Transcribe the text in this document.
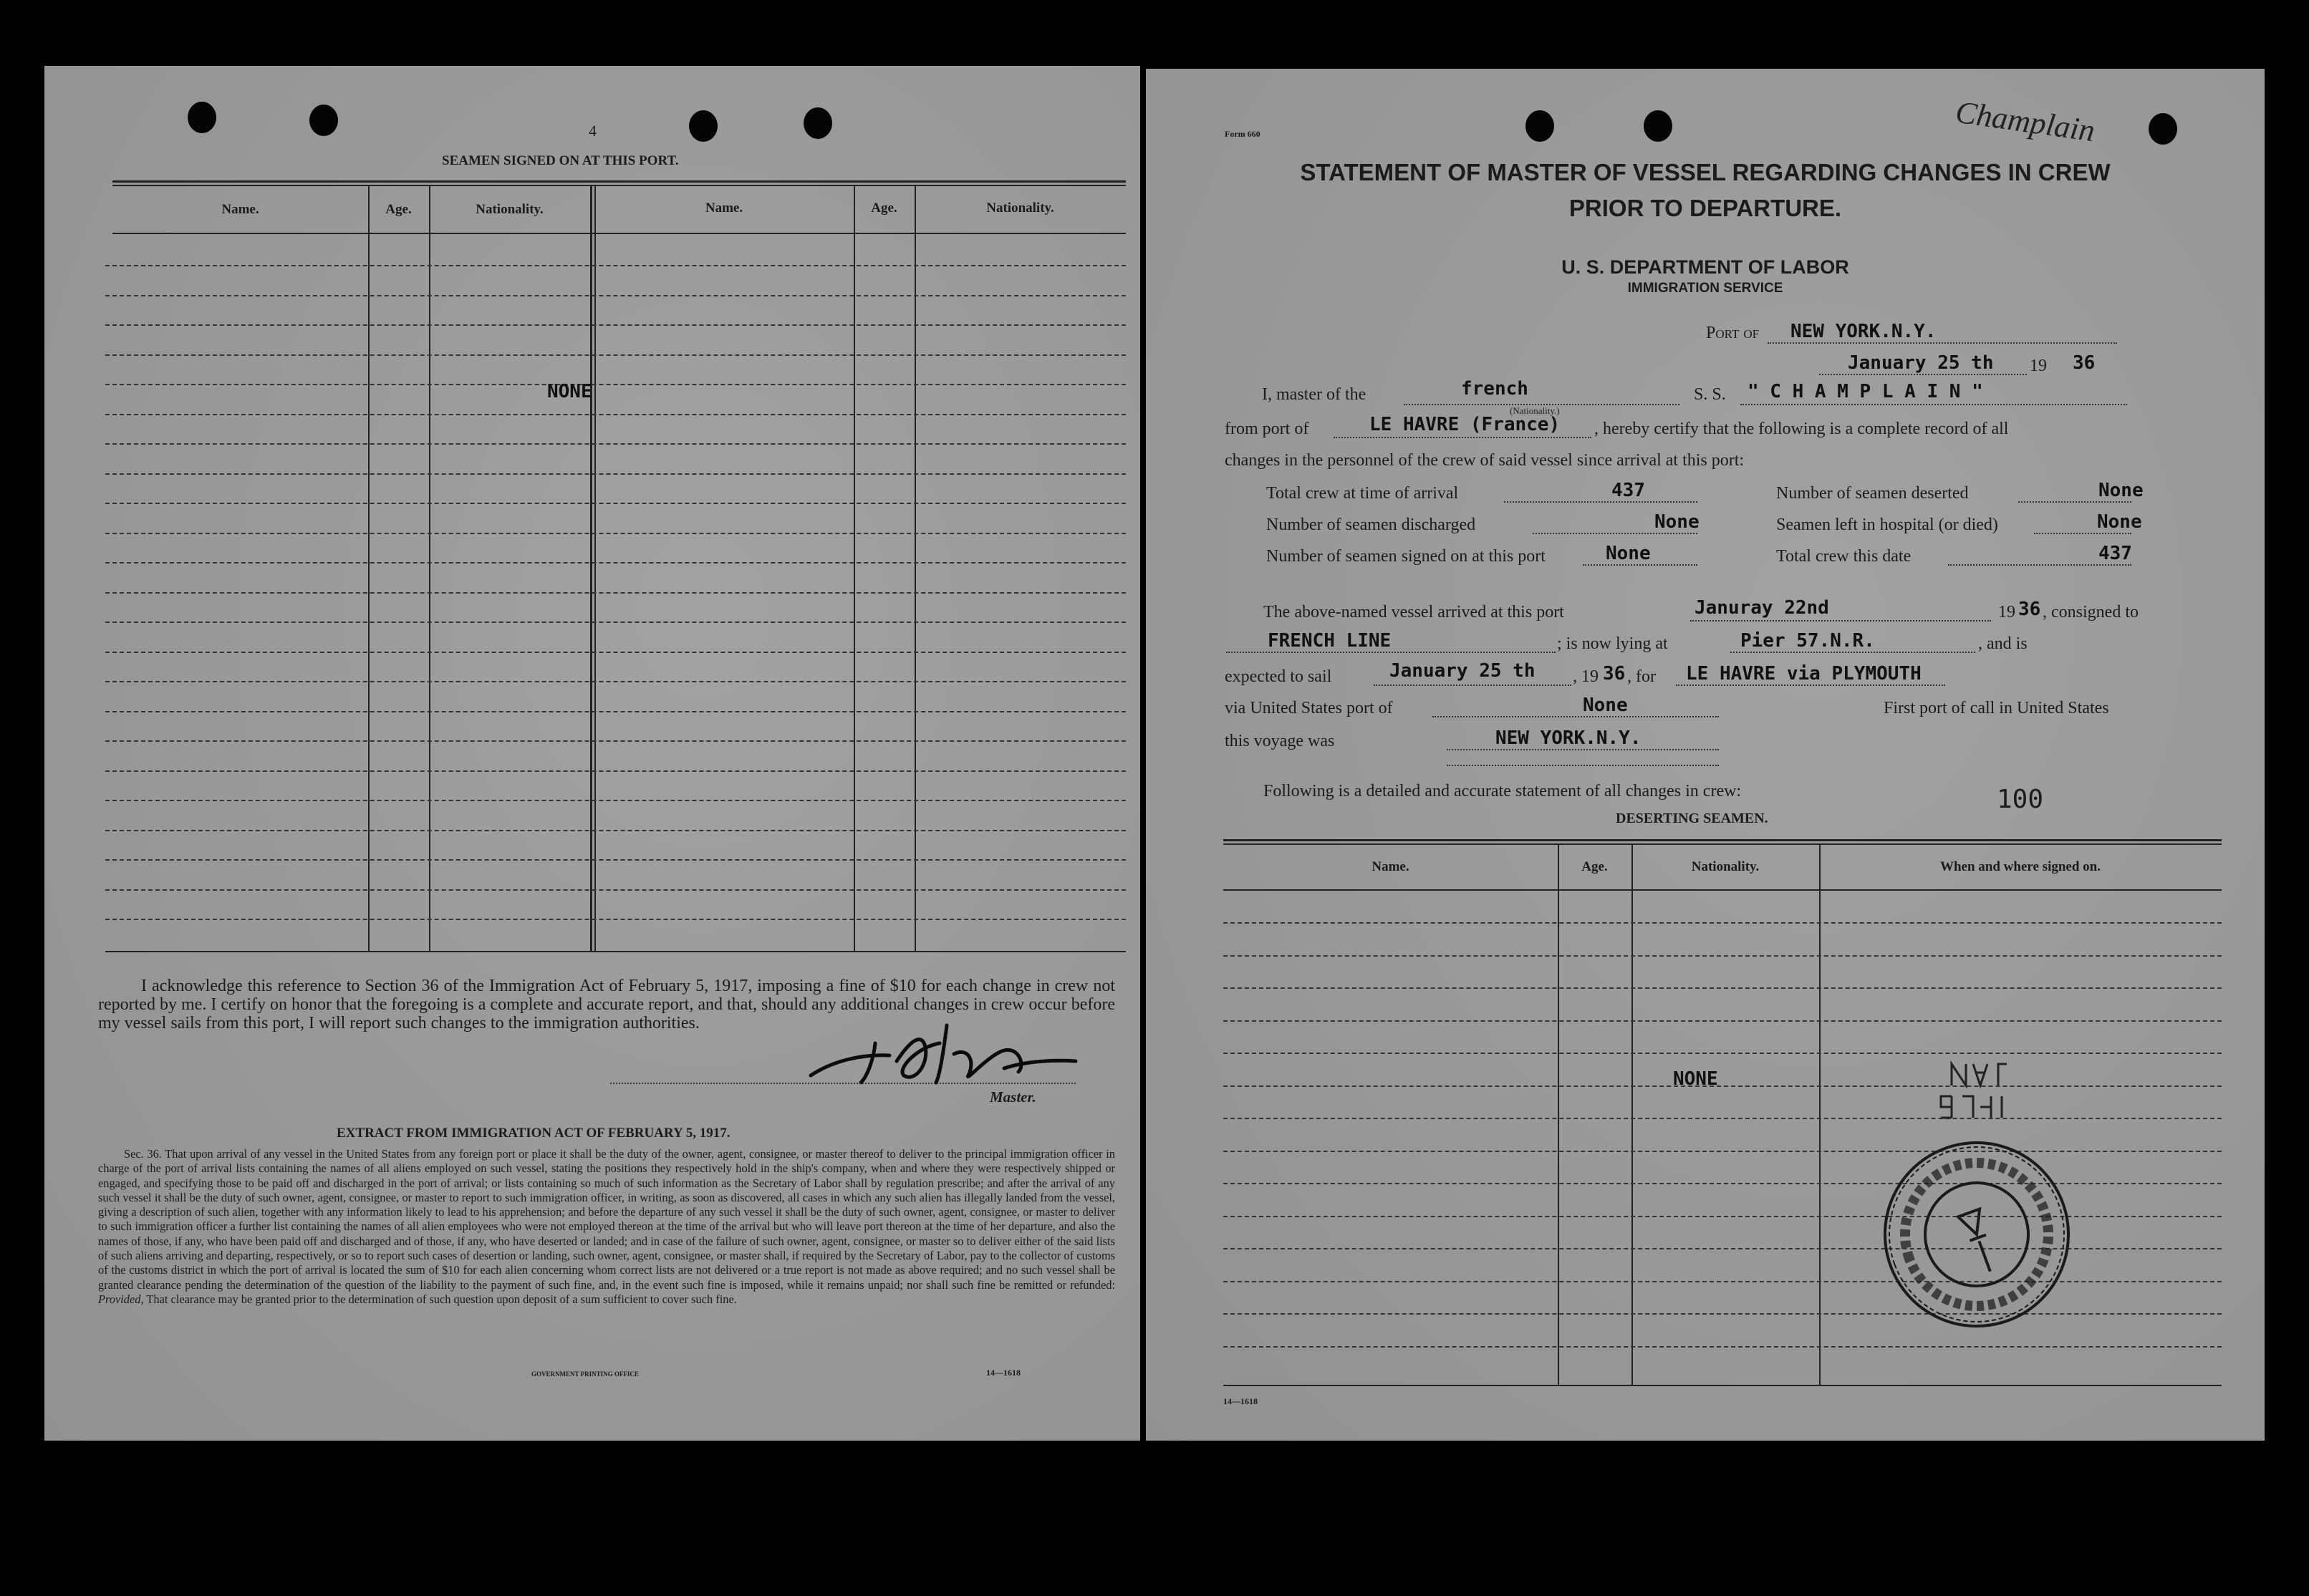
4
SEAMEN SIGNED ON AT THIS PORT.
Name.	Age.	Nationality.	Name.	Age.	Nationality.
NONE
I acknowledge this reference to Section 36 of the Immigration Act of February 5, 1917, imposing a fine of $10 for each change in crew not reported by me. I certify on honor that the foregoing is a complete and accurate report, and that, should any additional changes in crew occur before my vessel sails from this port, I will report such changes to the immigration authorities.
Master.
EXTRACT FROM IMMIGRATION ACT OF FEBRUARY 5, 1917.
Sec. 36. That upon arrival of any vessel in the United States from any foreign port or place it shall be the duty of the owner, agent, consignee, or master thereof to deliver to the principal immigration officer in charge of the port of arrival lists containing the names of all aliens employed on such vessel, stating the positions they respectively hold in the ship's company, when and where they were respectively shipped or engaged, and specifying those to be paid off and discharged in the port of arrival; or lists containing so much of such information as the Secretary of Labor shall by regulation prescribe; and after the arrival of any such vessel it shall be the duty of such owner, agent, consignee, or master to report to such immigration officer, in writing, as soon as discovered, all cases in which any such alien has illegally landed from the vessel, giving a description of such alien, together with any information likely to lead to his apprehension; and before the departure of any such vessel it shall be the duty of such owner, agent, consignee, or master to deliver to such immigration officer a further list containing the names of all alien employees who were not employed thereon at the time of the arrival but who will leave port thereon at the time of her departure, and also the names of those, if any, who have been paid off and discharged and of those, if any, who have deserted or landed; and in case of the failure of such owner, agent, consignee, or master so to deliver either of the said lists of such aliens arriving and departing, respectively, or so to report such cases of desertion or landing, such owner, agent, consignee, or master shall, if required by the Secretary of Labor, pay to the collector of customs of the customs district in which the port of arrival is located the sum of $10 for each alien concerning whom correct lists are not delivered or a true report is not made as above required; and no such vessel shall be granted clearance pending the determination of the question of the liability to the payment of such fine, and, in the event such fine is imposed, while it remains unpaid; nor shall such fine be remitted or refunded: Provided, That clearance may be granted prior to the determination of such question upon deposit of a sum sufficient to cover such fine.
GOVERNMENT PRINTING OFFICE	14—1618
Form 660	Champlain
STATEMENT OF MASTER OF VESSEL REGARDING CHANGES IN CREW
PRIOR TO DEPARTURE.
U. S. DEPARTMENT OF LABOR
IMMIGRATION SERVICE
Port of NEW YORK.N.Y.
January 25 th 19 36
I, master of the	french
(Nationality.)
S. S. " C H A M P L A I N "
from port of	LE HAVRE (France) , hereby certify that the following is a complete record of all
changes in the personnel of the crew of said vessel since arrival at this port:
Total crew at time of arrival	437	Number of seamen deserted	None
Number of seamen discharged	None	Seamen left in hospital (or died)	None
Number of seamen signed on at this port	None	Total crew this date	437
The above-named vessel arrived at this port	Januray 22nd	19 36 , consigned to
FRENCH LINE	; is now lying at	Pier 57.N.R.	, and is
expected to sail	January 25 th , 19 36 , for LE HAVRE via PLYMOUTH
via United States port of	None	First port of call in United States
this voyage was	NEW YORK.N.Y.
Following is a detailed and accurate statement of all changes in crew:	100
DESERTING SEAMEN.
Name.	Age.	Nationality.	When and where signed on.
NONE
14—1618
